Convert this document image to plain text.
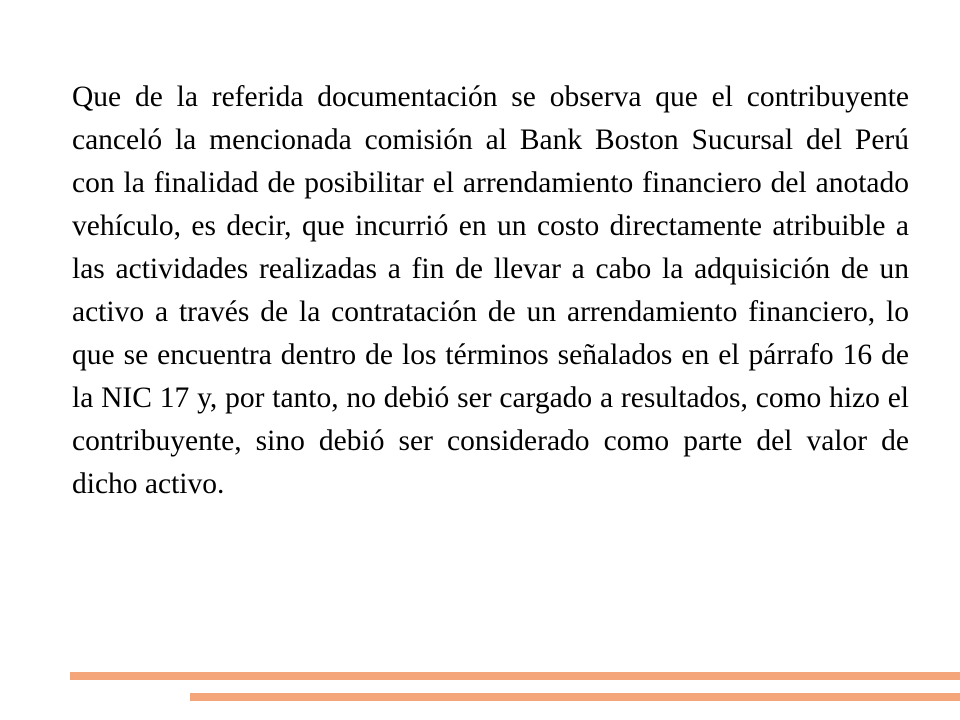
Que de la referida documentación se observa que el contribuyente canceló la mencionada comisión al Bank Boston Sucursal del Perú con la finalidad de posibilitar el arrendamiento financiero del anotado vehículo, es decir, que incurrió en un costo directamente atribuible a las actividades realizadas a fin de llevar a cabo la adquisición de un activo a través de la contratación de un arrendamiento financiero, lo que se encuentra dentro de los términos señalados en el párrafo 16 de la NIC 17 y, por tanto, no debió ser cargado a resultados, como hizo el contribuyente, sino debió ser considerado como parte del valor de dicho activo.
